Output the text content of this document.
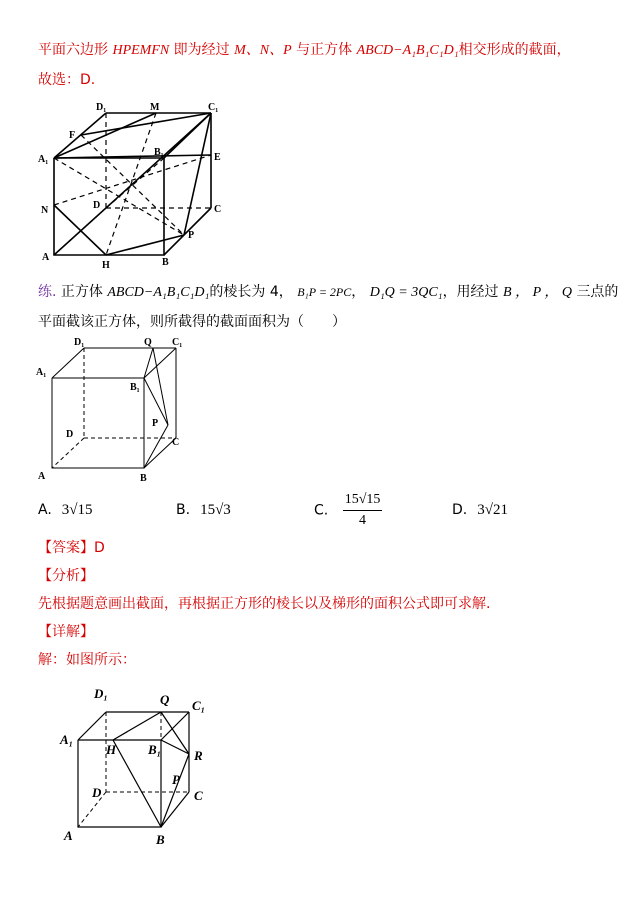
平面六边形 HPEMFN 即为经过 M、N、P 与正方体 ABCD−A₁B₁C₁D₁相交形成的截面，
故选：D.
D₁	M	C₁
F
B₁
A₁	E
D	C
N
P
B
A
H
练. 正方体 ABCD−A₁B₁C₁D₁的棱长为 4， B₁P = 2PC， D₁Q = 3QC₁，用经过 B ， P ， Q 三点的
平面截该正方体，则所截得的截面面积为（　　）
D₁	Q C₁
A₁
B₁
D
P
C
A	B
A. 3√15	B. 15√3	C. $\frac{15√15}{4}$	D. 3√21
【答案】D
【分析】
先根据题意画出截面，再根据正方形的棱长以及梯形的面积公式即可求解.
【详解】
解：如图所示：
D₁	Q C₁
A₁
H B₁	R
D
P
C
A	B
